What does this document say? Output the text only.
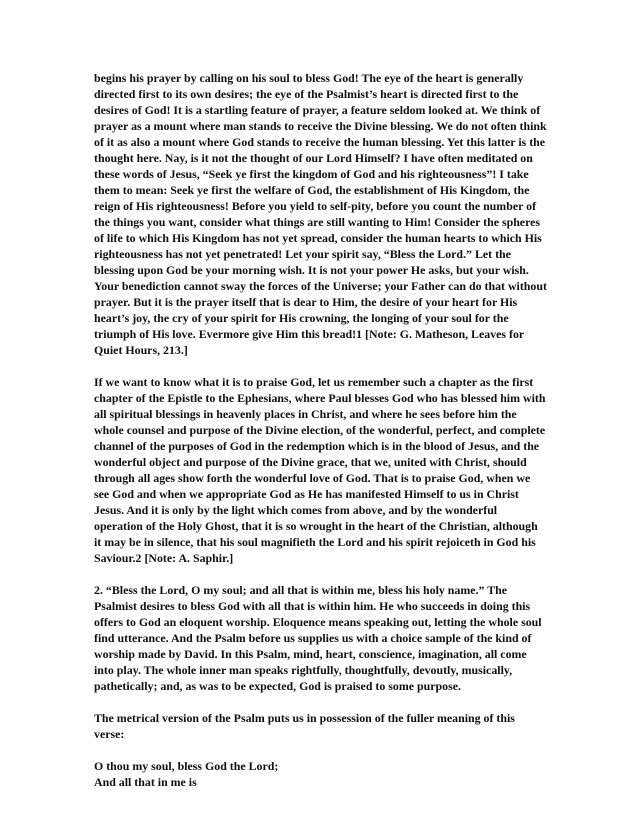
begins his prayer by calling on his soul to bless God! The eye of the heart is generally directed first to its own desires; the eye of the Psalmist’s heart is directed first to the desires of God! It is a startling feature of prayer, a feature seldom looked at. We think of prayer as a mount where man stands to receive the Divine blessing. We do not often think of it as also a mount where God stands to receive the human blessing. Yet this latter is the thought here. Nay, is it not the thought of our Lord Himself? I have often meditated on these words of Jesus, “Seek ye first the kingdom of God and his righteousness”! I take them to mean: Seek ye first the welfare of God, the establishment of His Kingdom, the reign of His righteousness! Before you yield to self-pity, before you count the number of the things you want, consider what things are still wanting to Him! Consider the spheres of life to which His Kingdom has not yet spread, consider the human hearts to which His righteousness has not yet penetrated! Let your spirit say, “Bless the Lord.” Let the blessing upon God be your morning wish. It is not your power He asks, but your wish. Your benediction cannot sway the forces of the Universe; your Father can do that without prayer. But it is the prayer itself that is dear to Him, the desire of your heart for His heart’s joy, the cry of your spirit for His crowning, the longing of your soul for the triumph of His love. Evermore give Him this bread!1 [Note: G. Matheson, Leaves for Quiet Hours, 213.]

If we want to know what it is to praise God, let us remember such a chapter as the first chapter of the Epistle to the Ephesians, where Paul blesses God who has blessed him with all spiritual blessings in heavenly places in Christ, and where he sees before him the whole counsel and purpose of the Divine election, of the wonderful, perfect, and complete channel of the purposes of God in the redemption which is in the blood of Jesus, and the wonderful object and purpose of the Divine grace, that we, united with Christ, should through all ages show forth the wonderful love of God. That is to praise God, when we see God and when we appropriate God as He has manifested Himself to us in Christ Jesus. And it is only by the light which comes from above, and by the wonderful operation of the Holy Ghost, that it is so wrought in the heart of the Christian, although it may be in silence, that his soul magnifieth the Lord and his spirit rejoiceth in God his Saviour.2 [Note: A. Saphir.]

2. “Bless the Lord, O my soul; and all that is within me, bless his holy name.” The Psalmist desires to bless God with all that is within him. He who succeeds in doing this offers to God an eloquent worship. Eloquence means speaking out, letting the whole soul find utterance. And the Psalm before us supplies us with a choice sample of the kind of worship made by David. In this Psalm, mind, heart, conscience, imagination, all come into play. The whole inner man speaks rightfully, thoughtfully, devoutly, musically, pathetically; and, as was to be expected, God is praised to some purpose.

The metrical version of the Psalm puts us in possession of the fuller meaning of this verse:

O thou my soul, bless God the Lord;

And all that in me is
